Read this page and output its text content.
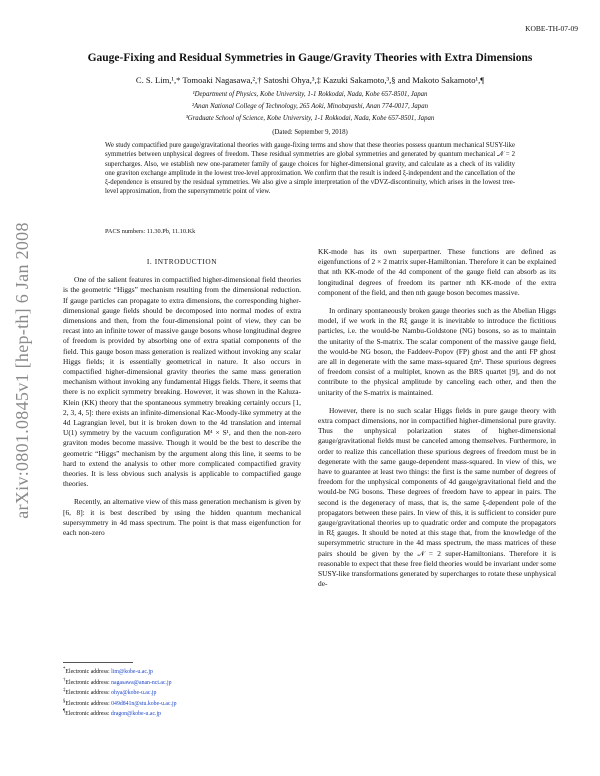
KOBE-TH-07-09
arXiv:0801.0845v1 [hep-th] 6 Jan 2008
Gauge-Fixing and Residual Symmetries in Gauge/Gravity Theories with Extra Dimensions
C. S. Lim,¹,* Tomoaki Nagasawa,²,† Satoshi Ohya,³,‡ Kazuki Sakamoto,³,§ and Makoto Sakamoto¹,¶
¹Department of Physics, Kobe University, 1-1 Rokkodai, Nada, Kobe 657-8501, Japan
²Anan National College of Technology, 265 Aoki, Minobayashi, Anan 774-0017, Japan
³Graduate School of Science, Kobe University, 1-1 Rokkodai, Nada, Kobe 657-8501, Japan
(Dated: September 9, 2018)
We study compactified pure gauge/gravitational theories with gauge-fixing terms and show that these theories possess quantum mechanical SUSY-like symmetries between unphysical degrees of freedom. These residual symmetries are global symmetries and generated by quantum mechanical 𝒩 = 2 supercharges. Also, we establish new one-parameter family of gauge choices for higher-dimensional gravity, and calculate as a check of its validity one graviton exchange amplitude in the lowest tree-level approximation. We confirm that the result is indeed ξ-independent and the cancellation of the ξ-dependence is ensured by the residual symmetries. We also give a simple interpretation of the vDVZ-discontinuity, which arises in the lowest tree-level approximation, from the supersymmetric point of view.
PACS numbers: 11.30.Pb, 11.10.Kk

I. INTRODUCTION

One of the salient features in compactified higher-dimensional field theories is the geometric “Higgs” mechanism resulting from the dimensional reduction. If gauge particles can propagate to extra dimensions, the corresponding higher-dimensional gauge fields should be decomposed into normal modes of extra dimensions and then, from the four-dimensional point of view, they can be recast into an infinite tower of massive gauge bosons whose longitudinal degree of freedom is provided by absorbing one of extra spatial components of the field. This gauge boson mass generation is realized without invoking any scalar Higgs fields; it is essentially geometrical in nature. It also occurs in compactified higher-dimensional gravity theories the same mass generation mechanism without invoking any fundamental Higgs fields. There, it seems that there is no explicit symmetry breaking. However, it was shown in the Kaluza-Klein (KK) theory that the spontaneous symmetry breaking certainly occurs [1, 2, 3, 4, 5]: there exists an infinite-dimensional Kac-Moody-like symmetry at the 4d Lagrangian level, but it is broken down to the 4d translation and internal U(1) symmetry by the vacuum configuration M⁴ × S¹, and then the non-zero graviton modes become massive. Though it would be the best to describe the geometric “Higgs” mechanism by the argument along this line, it seems to be hard to extend the analysis to other more complicated compactified gravity theories. It is less obvious such analysis is applicable to compactified gauge theories.

Recently, an alternative view of this mass generation mechanism is given by [6, 8]: it is best described by using the hidden quantum mechanical supersymmetry in 4d mass spectrum. The point is that mass eigenfunction for each non-zero

KK-mode has its own superpartner. These functions are defined as eigenfunctions of 2 × 2 matrix super-Hamiltonian. Therefore it can be explained that nth KK-mode of the 4d component of the gauge field can absorb as its longitudinal degrees of freedom its partner nth KK-mode of the extra component of the field, and then nth gauge boson becomes massive.

In ordinary spontaneously broken gauge theories such as the Abelian Higgs model, if we work in the Rξ gauge it is inevitable to introduce the fictitious particles, i.e. the would-be Nambu-Goldstone (NG) bosons, so as to maintain the unitarity of the S-matrix. The scalar component of the massive gauge field, the would-be NG boson, the Faddeev-Popov (FP) ghost and the anti FP ghost are all in degenerate with the same mass-squared ξm². These spurious degrees of freedom consist of a multiplet, known as the BRS quartet [9], and do not contribute to the physical amplitude by canceling each other, and then the unitarity of the S-matrix is maintained.

However, there is no such scalar Higgs fields in pure gauge theory with extra compact dimensions, nor in compactified higher-dimensional pure gravity. Thus the unphysical polarization states of higher-dimensional gauge/gravitational fields must be canceled among themselves. Furthermore, in order to realize this cancellation these spurious degrees of freedom must be in degenerate with the same gauge-dependent mass-squared. In view of this, we have to guarantee at least two things: the first is the same number of degrees of freedom for the unphysical components of 4d gauge/gravitational field and the would-be NG bosons. These degrees of freedom have to appear in pairs. The second is the degeneracy of mass, that is, the same ξ-dependent pole of the propagators between these pairs. In view of this, it is sufficient to consider pure gauge/gravitational theories up to quadratic order and compute the propagators in Rξ gauges. It should be noted at this stage that, from the knowledge of the supersymmetric structure in the 4d mass spectrum, the mass matrices of these pairs should be given by the 𝒩 = 2 super-Hamiltonians. Therefore it is reasonable to expect that these free field theories would be invariant under some SUSY-like transformations generated by supercharges to rotate these unphysical de-

*Electronic address: lim@kobe-u.ac.jp
†Electronic address: nagasawa@anan-nct.ac.jp
‡Electronic address: ohya@kobe-u.ac.jp
§Electronic address: 049d841n@stu.kobe-u.ac.jp
¶Electronic address: dragon@kobe-u.ac.jp
